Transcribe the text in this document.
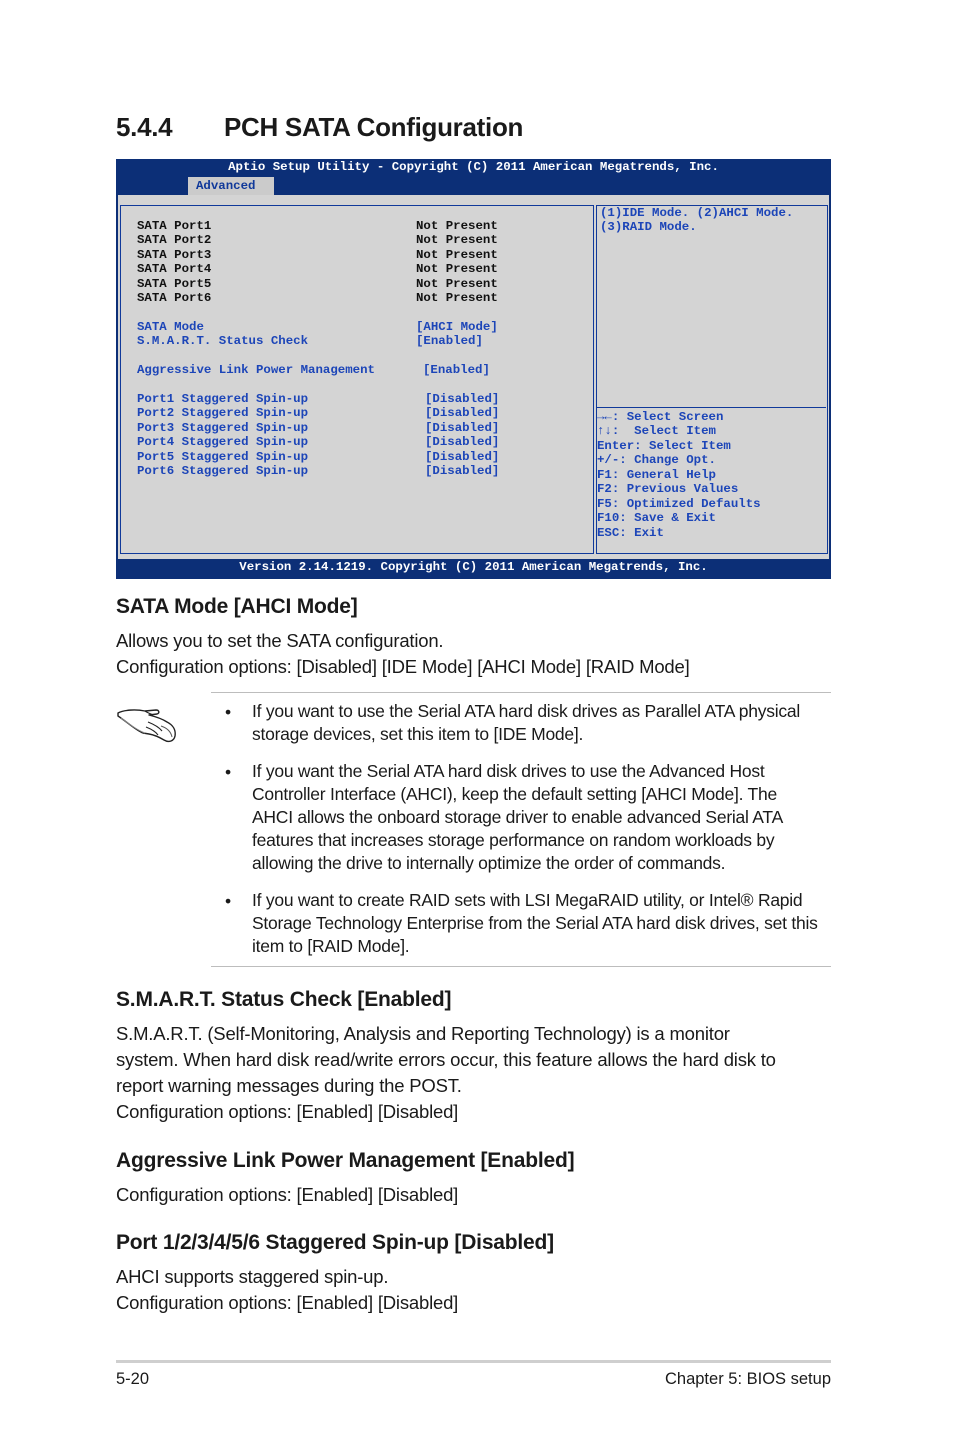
5.4.4 PCH SATA Configuration
Aptio Setup Utility - Copyright (C) 2011 American Megatrends, Inc.
Advanced
SATA Port1	Not Present
SATA Port2	Not Present
SATA Port3	Not Present
SATA Port4	Not Present
SATA Port5	Not Present
SATA Port6	Not Present
SATA Mode	[AHCI Mode]
S.M.A.R.T. Status Check	[Enabled]
Aggressive Link Power Management	[Enabled]
Port1 Staggered Spin-up	[Disabled]
Port2 Staggered Spin-up	[Disabled]
Port3 Staggered Spin-up	[Disabled]
Port4 Staggered Spin-up	[Disabled]
Port5 Staggered Spin-up	[Disabled]
Port6 Staggered Spin-up	[Disabled]
(1)IDE Mode. (2)AHCI Mode.
(3)RAID Mode.
→←: Select Screen
↑↓:  Select Item
Enter: Select Item
+/-: Change Opt.
F1: General Help
F2: Previous Values
F5: Optimized Defaults
F10: Save & Exit
ESC: Exit
Version 2.14.1219. Copyright (C) 2011 American Megatrends, Inc.
SATA Mode [AHCI Mode]
Allows you to set the SATA configuration.
Configuration options: [Disabled] [IDE Mode] [AHCI Mode] [RAID Mode]
• If you want to use the Serial ATA hard disk drives as Parallel ATA physical
storage devices, set this item to [IDE Mode].
• If you want the Serial ATA hard disk drives to use the Advanced Host
Controller Interface (AHCI), keep the default setting [AHCI Mode]. The
AHCI allows the onboard storage driver to enable advanced Serial ATA
features that increases storage performance on random workloads by
allowing the drive to internally optimize the order of commands.
• If you want to create RAID sets with LSI MegaRAID utility, or Intel® Rapid
Storage Technology Enterprise from the Serial ATA hard disk drives, set this
item to [RAID Mode].
S.M.A.R.T. Status Check [Enabled]
S.M.A.R.T. (Self-Monitoring, Analysis and Reporting Technology) is a monitor
system. When hard disk read/write errors occur, this feature allows the hard disk to
report warning messages during the POST.
Configuration options: [Enabled] [Disabled]
Aggressive Link Power Management [Enabled]
Configuration options: [Enabled] [Disabled]
Port 1/2/3/4/5/6 Staggered Spin-up [Disabled]
AHCI supports staggered spin-up.
Configuration options: [Enabled] [Disabled]
5-20	Chapter 5: BIOS setup
